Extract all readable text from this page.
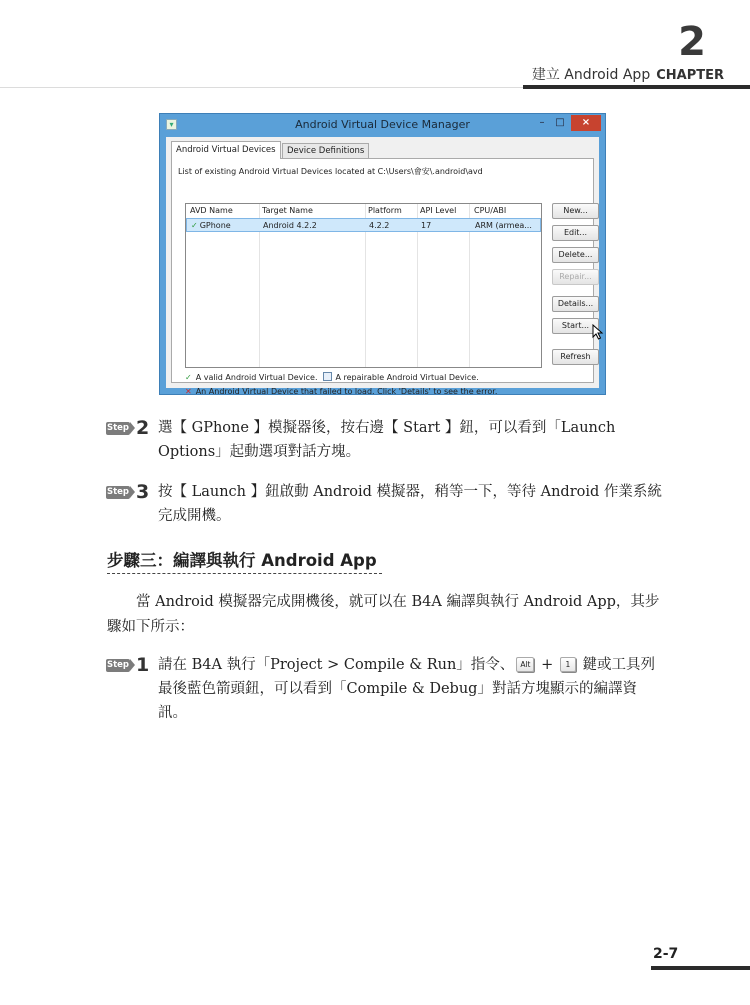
2
建立 Android App CHAPTER
▾	Android Virtual Device Manager	–	□	×
Android Virtual Devices	Device Definitions
List of existing Android Virtual Devices located at C:\Users\會安\.android\avd
AVD Name	Target Name	Platform	API Level	CPU/ABI
✓ GPhone	Android 4.2.2	4.2.2	17	ARM (armea...
New...
Edit...
Delete...
Repair...
Details...
Start...
Refresh
✓ A valid Android Virtual Device. A repairable Android Virtual Device.
✕ An Android Virtual Device that failed to load. Click 'Details' to see the error.
Step 2 選【 GPhone 】模擬器後，按右邊【 Start 】鈕，可以看到「Launch Options」起動選項對話方塊。
Step 3 按【 Launch 】鈕啟動 Android 模擬器，稍等一下，等待 Android 作業系統完成開機。
步驟三：編譯與執行 Android App
當 Android 模擬器完成開機後，就可以在 B4A 編譯與執行 Android App，其步驟如下所示：
Step 1 請在 B4A 執行「Project > Compile & Run」指令、 Alt + 1 鍵或工具列最後藍色箭頭鈕，可以看到「Compile & Debug」對話方塊顯示的編譯資訊。
2-7
